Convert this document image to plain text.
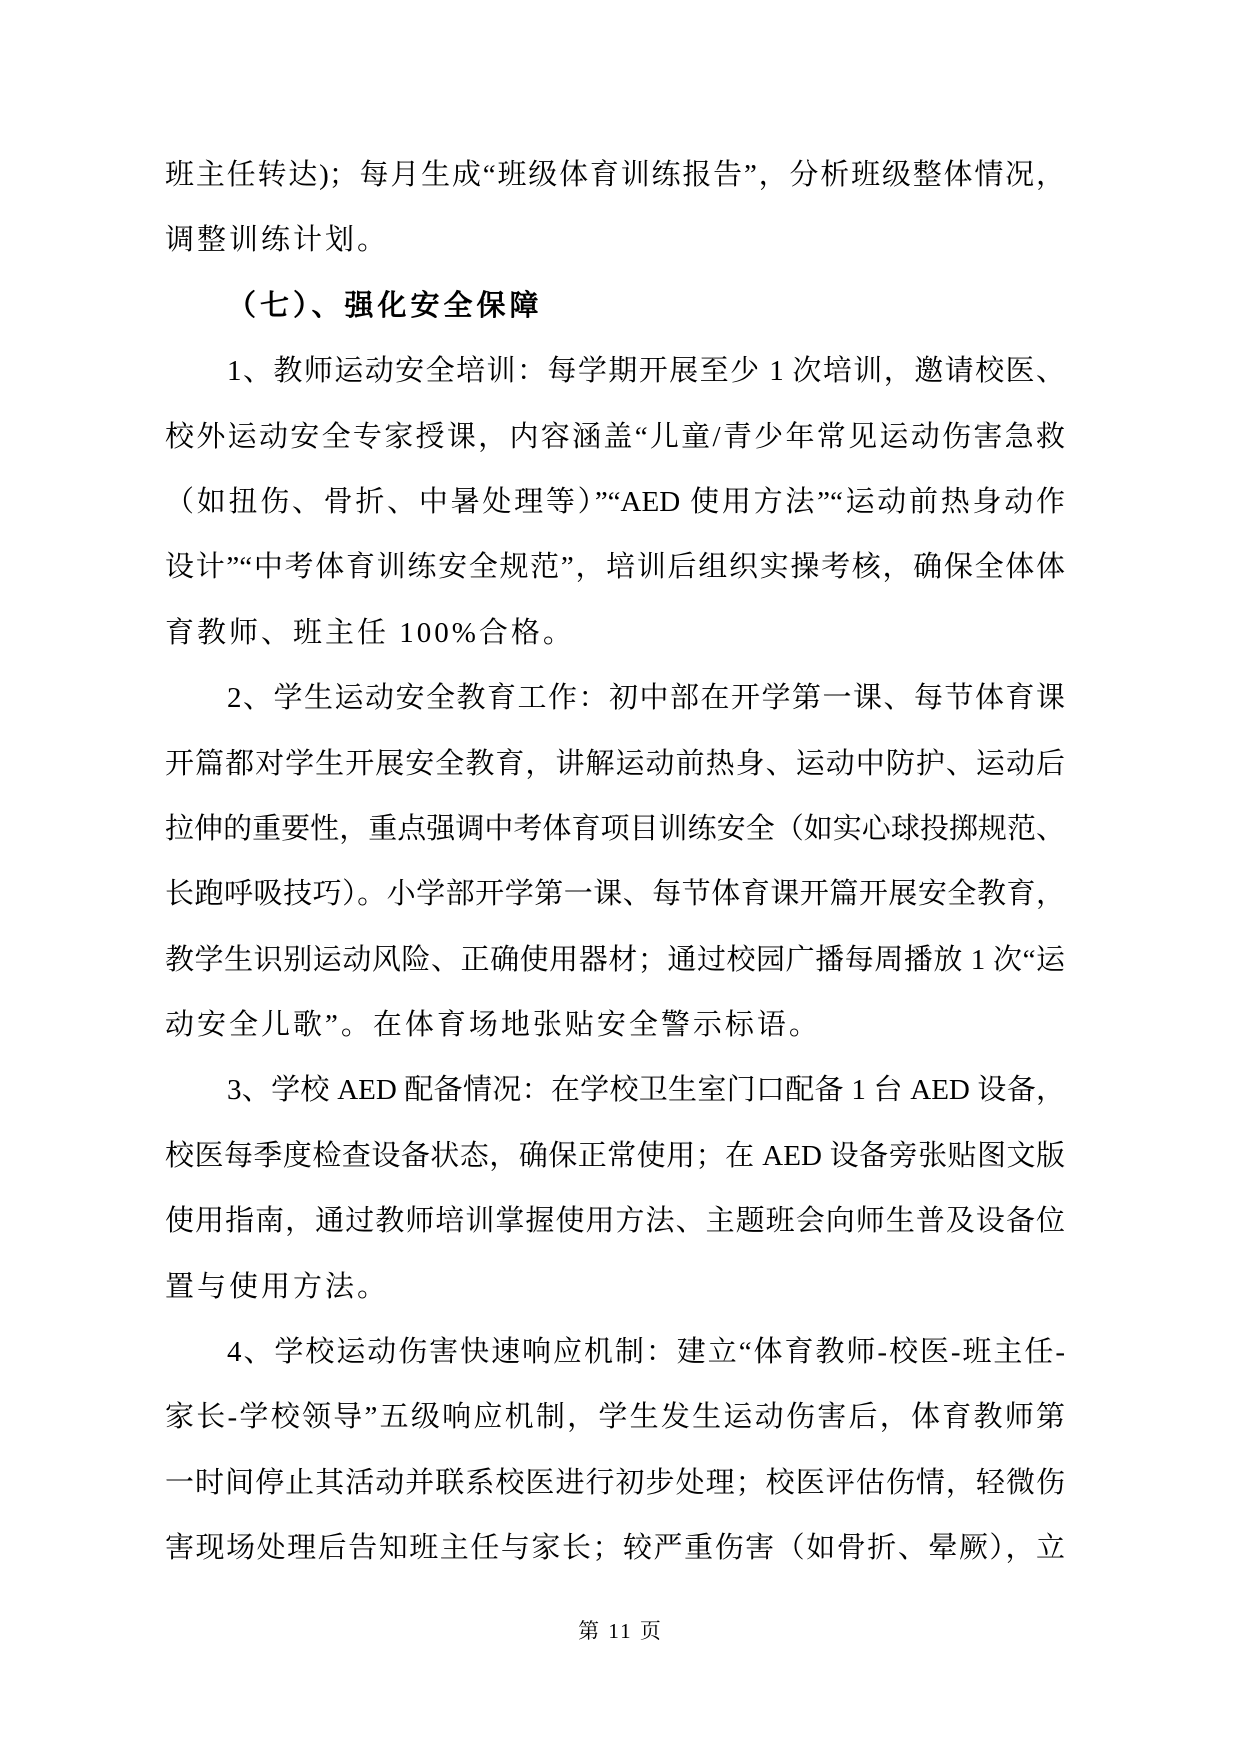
班主任转达)；每月生成“班级体育训练报告”，分析班级整体情况，
调整训练计划。
（七）、强化安全保障
1、教师运动安全培训：每学期开展至少 1 次培训，邀请校医、
校外运动安全专家授课，内容涵盖“儿童/青少年常见运动伤害急救
（如扭伤、骨折、中暑处理等）”“AED 使用方法”“运动前热身动作
设计”“中考体育训练安全规范”，培训后组织实操考核，确保全体体
育教师、班主任 100%合格。
2、学生运动安全教育工作：初中部在开学第一课、每节体育课
开篇都对学生开展安全教育，讲解运动前热身、运动中防护、运动后
拉伸的重要性，重点强调中考体育项目训练安全（如实心球投掷规范、
长跑呼吸技巧）。小学部开学第一课、每节体育课开篇开展安全教育，
教学生识别运动风险、正确使用器材；通过校园广播每周播放 1 次“运
动安全儿歌”。在体育场地张贴安全警示标语。
3、学校 AED 配备情况：在学校卫生室门口配备 1 台 AED 设备，
校医每季度检查设备状态，确保正常使用；在 AED 设备旁张贴图文版
使用指南，通过教师培训掌握使用方法、主题班会向师生普及设备位
置与使用方法。
4、学校运动伤害快速响应机制：建立“体育教师-校医-班主任-
家长-学校领导”五级响应机制，学生发生运动伤害后，体育教师第
一时间停止其活动并联系校医进行初步处理；校医评估伤情，轻微伤
害现场处理后告知班主任与家长；较严重伤害（如骨折、晕厥），立
第 11 页
